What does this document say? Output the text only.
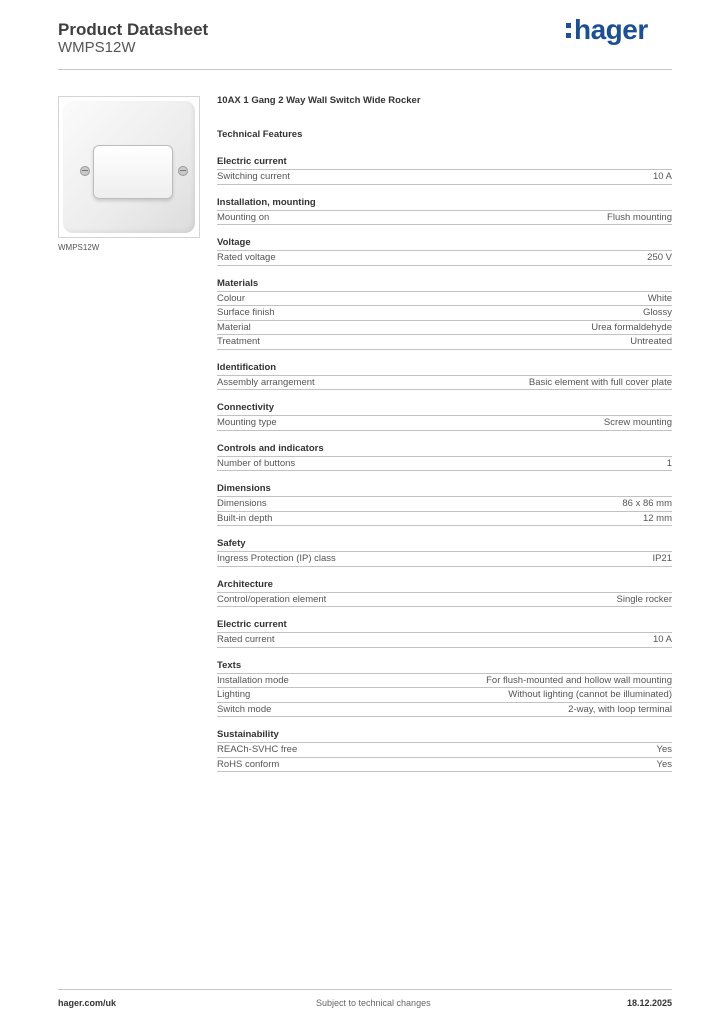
Product Datasheet
WMPS12W
hager
WMPS12W
10AX 1 Gang 2 Way Wall Switch Wide Rocker
Technical Features
Electric current
Switching current	10 A
Installation, mounting
Mounting on	Flush mounting
Voltage
Rated voltage	250 V
Materials
Colour	White
Surface finish	Glossy
Material	Urea formaldehyde
Treatment	Untreated
Identification
Assembly arrangement	Basic element with full cover plate
Connectivity
Mounting type	Screw mounting
Controls and indicators
Number of buttons	1
Dimensions
Dimensions	86 x 86 mm
Built-in depth	12 mm
Safety
Ingress Protection (IP) class	IP21
Architecture
Control/operation element	Single rocker
Electric current
Rated current	10 A
Texts
Installation mode	For flush-mounted and hollow wall mounting
Lighting	Without lighting (cannot be illuminated)
Switch mode	2-way, with loop terminal
Sustainability
REACh-SVHC free	Yes
RoHS conform	Yes
hager.com/uk	Subject to technical changes	18.12.2025
